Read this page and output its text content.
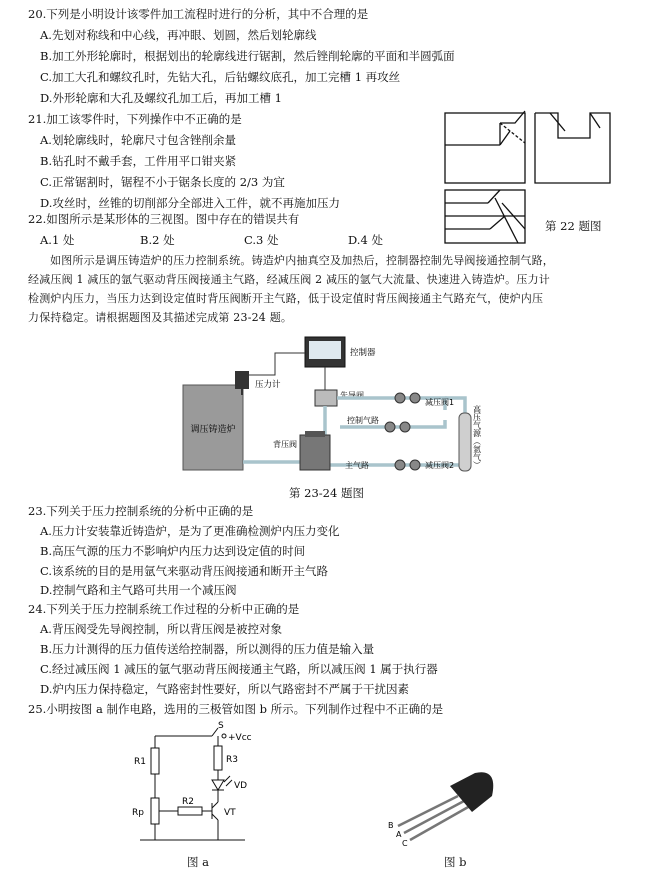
20.下列是小明设计该零件加工流程时进行的分析，其中不合理的是
A.先划对称线和中心线，再冲眼、划圆，然后划轮廓线
B.加工外形轮廓时，根据划出的轮廓线进行锯割，然后锉削轮廓的平面和半圆弧面
C.加工大孔和螺纹孔时，先钻大孔，后钻螺纹底孔，加工完槽 1 再攻丝
D.外形轮廓和大孔及螺纹孔加工后，再加工槽 1
21.加工该零件时，下列操作中不正确的是
A.划轮廓线时，轮廓尺寸包含锉削余量
B.钻孔时不戴手套，工件用平口钳夹紧
C.正常锯割时，锯程不小于锯条长度的 2/3 为宜
D.攻丝时，丝锥的切削部分全部进入工件，就不再施加压力
22.如图所示是某形体的三视图。图中存在的错误共有
A.1 处	B.2 处	C.3 处	D.4 处
第 22 题图
如图所示是调压铸造炉的压力控制系统。铸造炉内抽真空及加热后，控制器控制先导阀接通控制气路，
经减压阀 1 减压的氩气驱动背压阀接通主气路，经减压阀 2 减压的氩气大流量、快速进入铸造炉。压力计
检测炉内压力，当压力达到设定值时背压阀断开主气路，低于设定值时背压阀接通主气路充气，使炉内压
力保持稳定。请根据题图及其描述完成第 23-24 题。
调压铸造炉
压力计
控制器
先导阀
背压阀
减压阀1
控制气路
减压阀2
主气路	高压气源（氩气）
第 23-24 题图
23.下列关于压力控制系统的分析中正确的是
A.压力计安装靠近铸造炉，是为了更准确检测炉内压力变化
B.高压气源的压力不影响炉内压力达到设定值的时间
C.该系统的目的是用氩气来驱动背压阀接通和断开主气路
D.控制气路和主气路可共用一个减压阀
24.下列关于压力控制系统工作过程的分析中正确的是
A.背压阀受先导阀控制，所以背压阀是被控对象
B.压力计测得的压力值传送给控制器，所以测得的压力值是输入量
C.经过减压阀 1 减压的氩气驱动背压阀接通主气路，所以减压阀 1 属于执行器
D.炉内压力保持稳定，气路密封性要好，所以气路密封不严属于干扰因素
25.小明按图 a 制作电路，选用的三极管如图 b 所示。下列制作过程中不正确的是
+Vcc
S
R1	R3
VD
Rp
R2
VT
图 a
B
A
C
图 b
